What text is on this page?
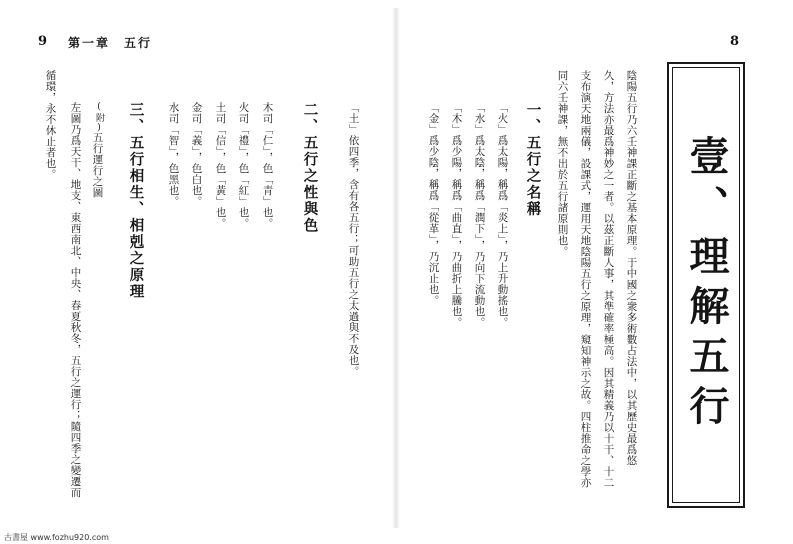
9 第一章　五行
「土」依四季，含有各五行；可助五行之太過與不及也。
二、五行之性與色
木司「仁」，色「青」也。
火司「禮」，色「紅」也。
土司「信」，色「黃」也。
金司「義」，色白也。
水司「智」，色黑也。
三、五行相生、相剋之原理
(附)
五行運行之圖
左圖乃爲天干、地支、東西南北、中央、春夏秋冬，五行之運行；隨四季之變遷而
循環，永不休止者也。
8
壹、理解五行
陰陽五行乃六壬神課正斷之基本原理。于中國之衆多術數占法中，以其歷史最爲悠
久，方法亦最爲神妙之一者。以茲正斷人事，其準確率極高。因其精義乃以十干、十二
支布演天地兩儀，設課式，運用天地陰陽五行之原理，窺知神示之故。四柱推命之學亦
同六壬神課，無不出於五行諸原則也。
一、五行之名稱
「火」爲太陽，稱爲「炎上」，乃上升動搖也。
「水」爲太陰，稱爲「潤下」，乃向下流動也。
「木」爲少陽，稱爲「曲直」，乃曲折上騰也。
「金」爲少陰，稱爲「從革」，乃沉止也。
古書屋 www.fozhu920.com
